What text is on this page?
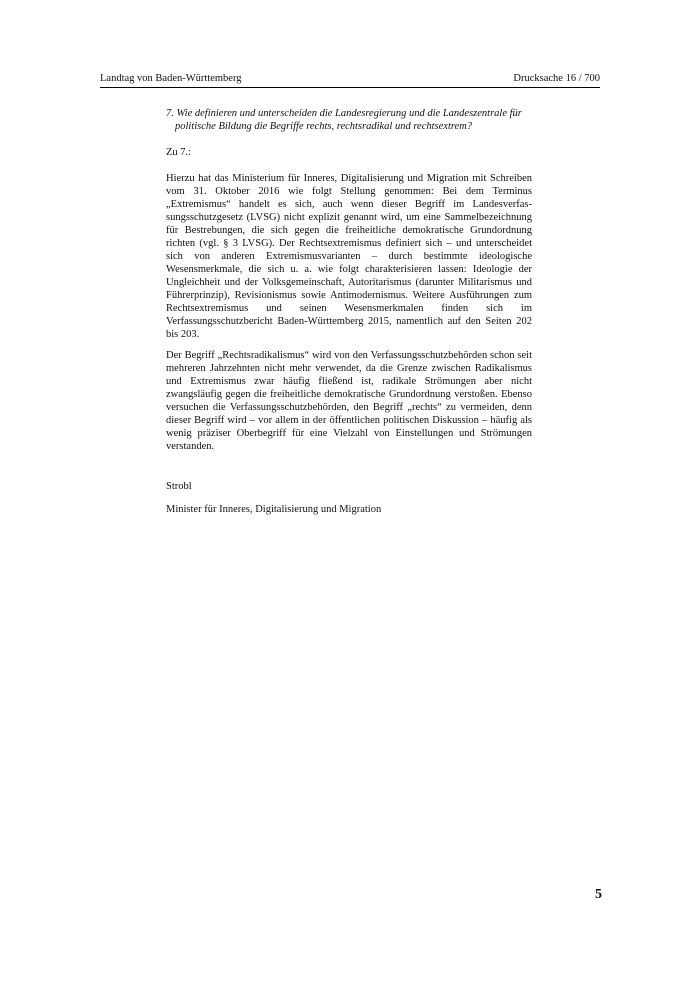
Landtag von Baden-Württemberg	Drucksache 16 / 700

7. Wie definieren und unterscheiden die Landesregierung und die Landeszentrale für politische Bildung die Begriffe rechts, rechtsradikal und rechtsextrem?

Zu 7.:

Hierzu hat das Ministerium für Inneres, Digitalisierung und Migration mit Schreiben vom 31. Oktober 2016 wie folgt Stellung genommen: Bei dem Terminus „Extremismus“ handelt es sich, auch wenn dieser Begriff im Landesverfassungsschutzgesetz (LVSG) nicht explizit genannt wird, um eine Sammelbezeichnung für Bestrebungen, die sich gegen die freiheitliche demokratische Grundordnung richten (vgl. § 3 LVSG). Der Rechtsextremismus definiert sich – und unterscheidet sich von anderen Extremismusvarianten – durch bestimmte ideologische Wesensmerkmale, die sich u. a. wie folgt charakterisieren lassen: Ideologie der Ungleichheit und der Volksgemeinschaft, Autoritarismus (darunter Militarismus und Führerprinzip), Revisionismus sowie Antimodernismus. Weitere Ausführungen zum Rechtsextremismus und seinen Wesensmerkmalen finden sich im Verfassungsschutzbericht Baden-Württemberg 2015, namentlich auf den Seiten 202 bis 203.

Der Begriff „Rechtsradikalismus“ wird von den Verfassungsschutzbehörden schon seit mehreren Jahrzehnten nicht mehr verwendet, da die Grenze zwischen Radikalismus und Extremismus zwar häufig fließend ist, radikale Strömungen aber nicht zwangsläufig gegen die freiheitliche demokratische Grundordnung verstoßen. Ebenso versuchen die Verfassungsschutzbehörden, den Begriff „rechts“ zu vermeiden, denn dieser Begriff wird – vor allem in der öffentlichen politischen Diskussion – häufig als wenig präziser Oberbegriff für eine Vielzahl von Einstellungen und Strömungen verstanden.

Strobl

Minister für Inneres, Digitalisierung und Migration

5
